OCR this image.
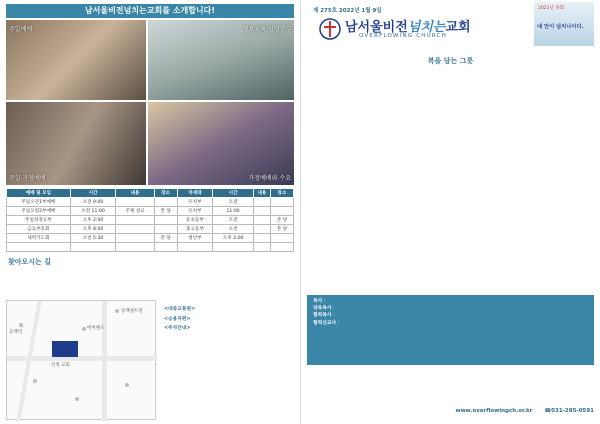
남서울비전넘치는교회를 소개합니다!
주일예배	정보교육 성경공부
주일 가정예배	가정예배와 수요
예배 및 모임	시간	내용	장소	차세대	시간	내용	장소
주일오전1부예배	오전 9:00			유치부	오전		
주일오전2부예배	오전 11:00	주제 설교	본 당	유치부	11:00		
주일성경공부	오후 2:00			유초등부	오전		본 당
금요부흥회	오후 8:00			중고등부	오전		본 당
새벽기도회	오전 5:30		본 당	청년부	오후 2:00		

찾아오시는 길
동백센트럴
동백역
에버랜드
신명 교회
<대중교통편>
<승용차편>
<주차안내>
제 275호 2022년 1월 9일
남서울비전넘치는교회
OVERFLOWING CHURCH
2022년 목회
네 안이 넘치나이다.
복을 담는 그릇

목자 :
양육목사 :
협력목사 :
협력선교사 :
www.overflowingch.or.kr ☎031-285-0591
